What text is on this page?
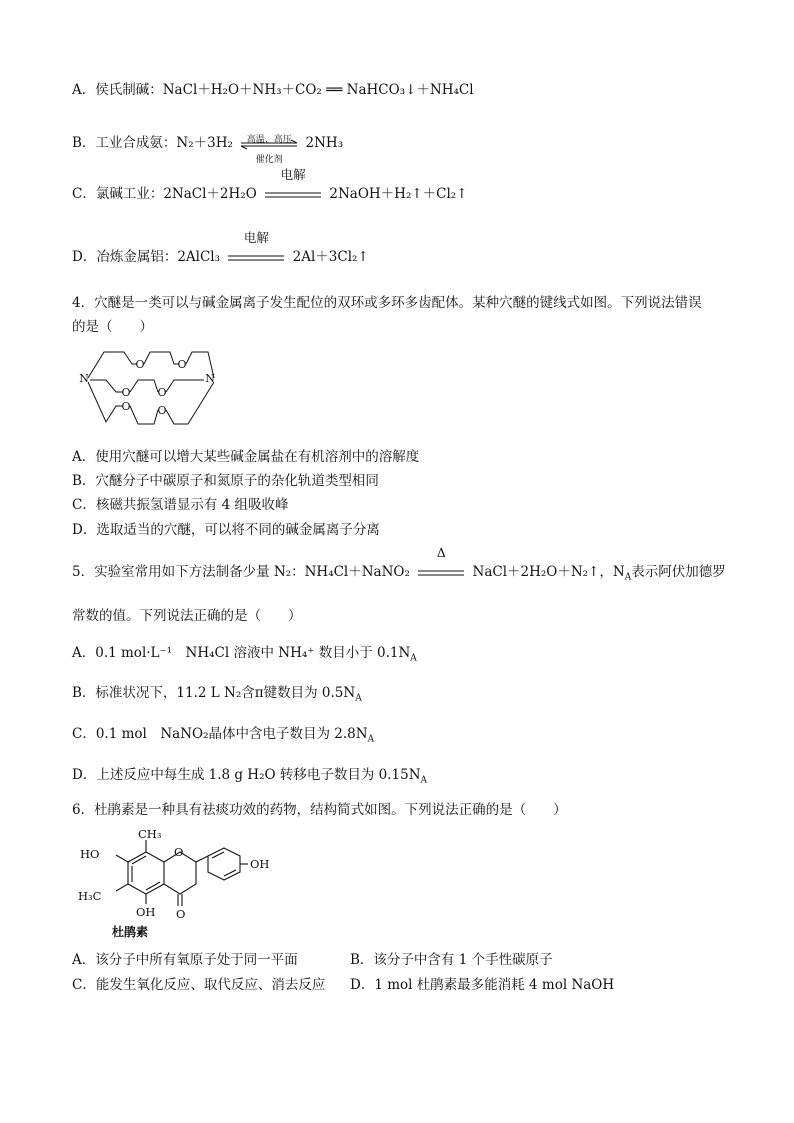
A．侯氏制碱：NaCl＋H₂O＋NH₃＋CO₂ ══ NaHCO₃↓＋NH₄Cl
B．工业合成氨：N₂＋3H₂	高温、高压
催化剂
2NH₃
C．氯碱工业：2NaCl＋2H₂O
电解
2NaOH＋H₂↑＋Cl₂↑
D．冶炼金属铝：2AlCl₃
电解
2Al＋3Cl₂↑
4．穴醚是一类可以与碱金属离子发生配位的双环或多环多齿配体。某种穴醚的键线式如图。下列说法错误
的是（　　）
N	N
O	O
O O
O O
A．使用穴醚可以增大某些碱金属盐在有机溶剂中的溶解度
B．穴醚分子中碳原子和氮原子的杂化轨道类型相同
C．核磁共振氢谱显示有 4 组吸收峰
D．选取适当的穴醚，可以将不同的碱金属离子分离
5．实验室常用如下方法制备少量 N₂：NH₄Cl＋NaNO₂
Δ
NaCl＋2H₂O＋N₂↑，$N_A$表示阿伏加德罗
常数的值。下列说法正确的是（　　）
A．0.1 mol·L⁻¹　NH₄Cl 溶液中 NH₄⁺ 数目小于 $0.1N_A$
B．标准状况下，11.2 L N₂含π键数目为 $0.5N_A$
C．0.1 mol　NaNO₂晶体中含电子数目为 $2.8N_A$
D．上述反应中每生成 1.8 g H₂O 转移电子数目为 $0.15N_A$
6．杜鹃素是一种具有祛痰功效的药物，结构简式如图。下列说法正确的是（　　）
CH₃
HO
OH
H₃C
OH O
O
杜鹃素
A．该分子中所有氧原子处于同一平面	B．该分子中含有 1 个手性碳原子
C．能发生氧化反应、取代反应、消去反应 D．1 mol 杜鹃素最多能消耗 4 mol NaOH
